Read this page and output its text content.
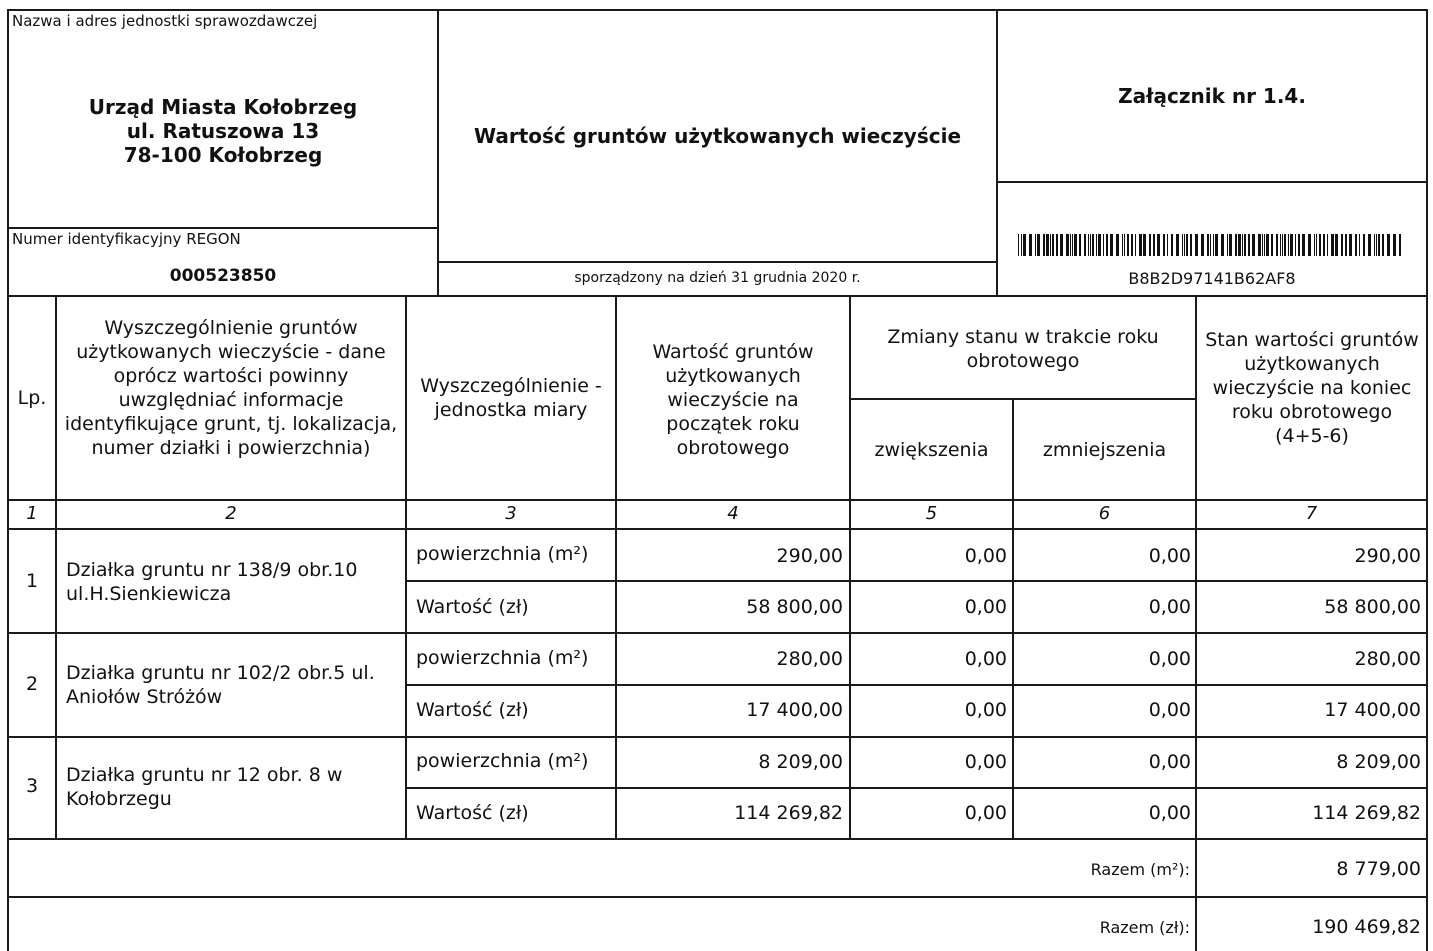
Nazwa i adres jednostki sprawozdawczej
Urząd Miasta Kołobrzeg
ul. Ratuszowa 13
78-100 Kołobrzeg
Numer identyfikacyjny REGON
000523850
Wartość gruntów użytkowanych wieczyście
sporządzony na dzień 31 grudnia 2020 r.
Załącznik nr 1.4.
B8B2D97141B62AF8
Lp.
Wyszczególnienie gruntów użytkowanych wieczyście - dane oprócz wartości powinny uwzględniać informacje identyfikujące grunt, tj. lokalizacja, numer działki i powierzchnia)
Wyszczególnienie - jednostka miary
Wartość gruntów użytkowanych wieczyście na początek roku obrotowego
Zmiany stanu w trakcie roku obrotowego
zwiększenia	zmniejszenia
Stan wartości gruntów użytkowanych wieczyście na koniec roku obrotowego (4+5-6)
1	2	3	4	5	6	7
1	Działka gruntu nr 138/9 obr.10 ul.H.Sienkiewicza
powierzchnia (m²)	290,00	0,00	0,00	290,00
Wartość (zł)	58 800,00	0,00	0,00	58 800,00
2	Działka gruntu nr 102/2 obr.5 ul. Aniołów Stróżów
powierzchnia (m²)	280,00	0,00	0,00	280,00
Wartość (zł)	17 400,00	0,00	0,00	17 400,00
3	Działka gruntu nr 12 obr. 8 w Kołobrzegu
powierzchnia (m²)	8 209,00	0,00	0,00	8 209,00
Wartość (zł)	114 269,82	0,00	0,00	114 269,82
Razem (m²):	8 779,00
Razem (zł):	190 469,82
